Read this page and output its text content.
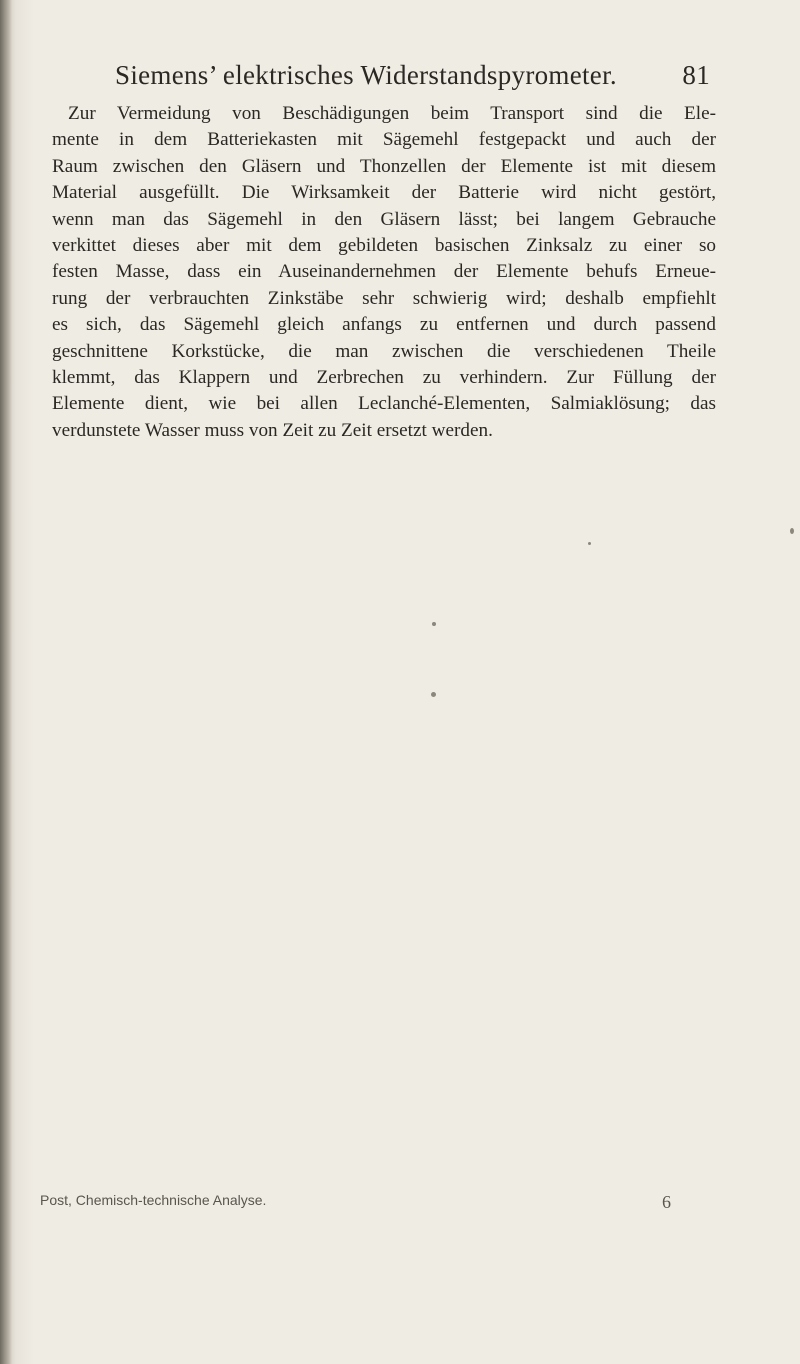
Siemens’ elektrisches Widerstandspyrometer. 81

Zur Vermeidung von Beschädigungen beim Transport sind die Ele-
mente in dem Batteriekasten mit Sägemehl festgepackt und auch der
Raum zwischen den Gläsern und Thonzellen der Elemente ist mit diesem
Material ausgefüllt. Die Wirksamkeit der Batterie wird nicht gestört,
wenn man das Sägemehl in den Gläsern lässt; bei langem Gebrauche
verkittet dieses aber mit dem gebildeten basischen Zinksalz zu einer so
festen Masse, dass ein Auseinandernehmen der Elemente behufs Erneue-
rung der verbrauchten Zinkstäbe sehr schwierig wird; deshalb empfiehlt
es sich, das Sägemehl gleich anfangs zu entfernen und durch passend
geschnittene Korkstücke, die man zwischen die verschiedenen Theile
klemmt, das Klappern und Zerbrechen zu verhindern. Zur Füllung der
Elemente dient, wie bei allen Leclanché-Elementen, Salmiaklösung; das
verdunstete Wasser muss von Zeit zu Zeit ersetzt werden.

Post, Chemisch-technische Analyse.	6
